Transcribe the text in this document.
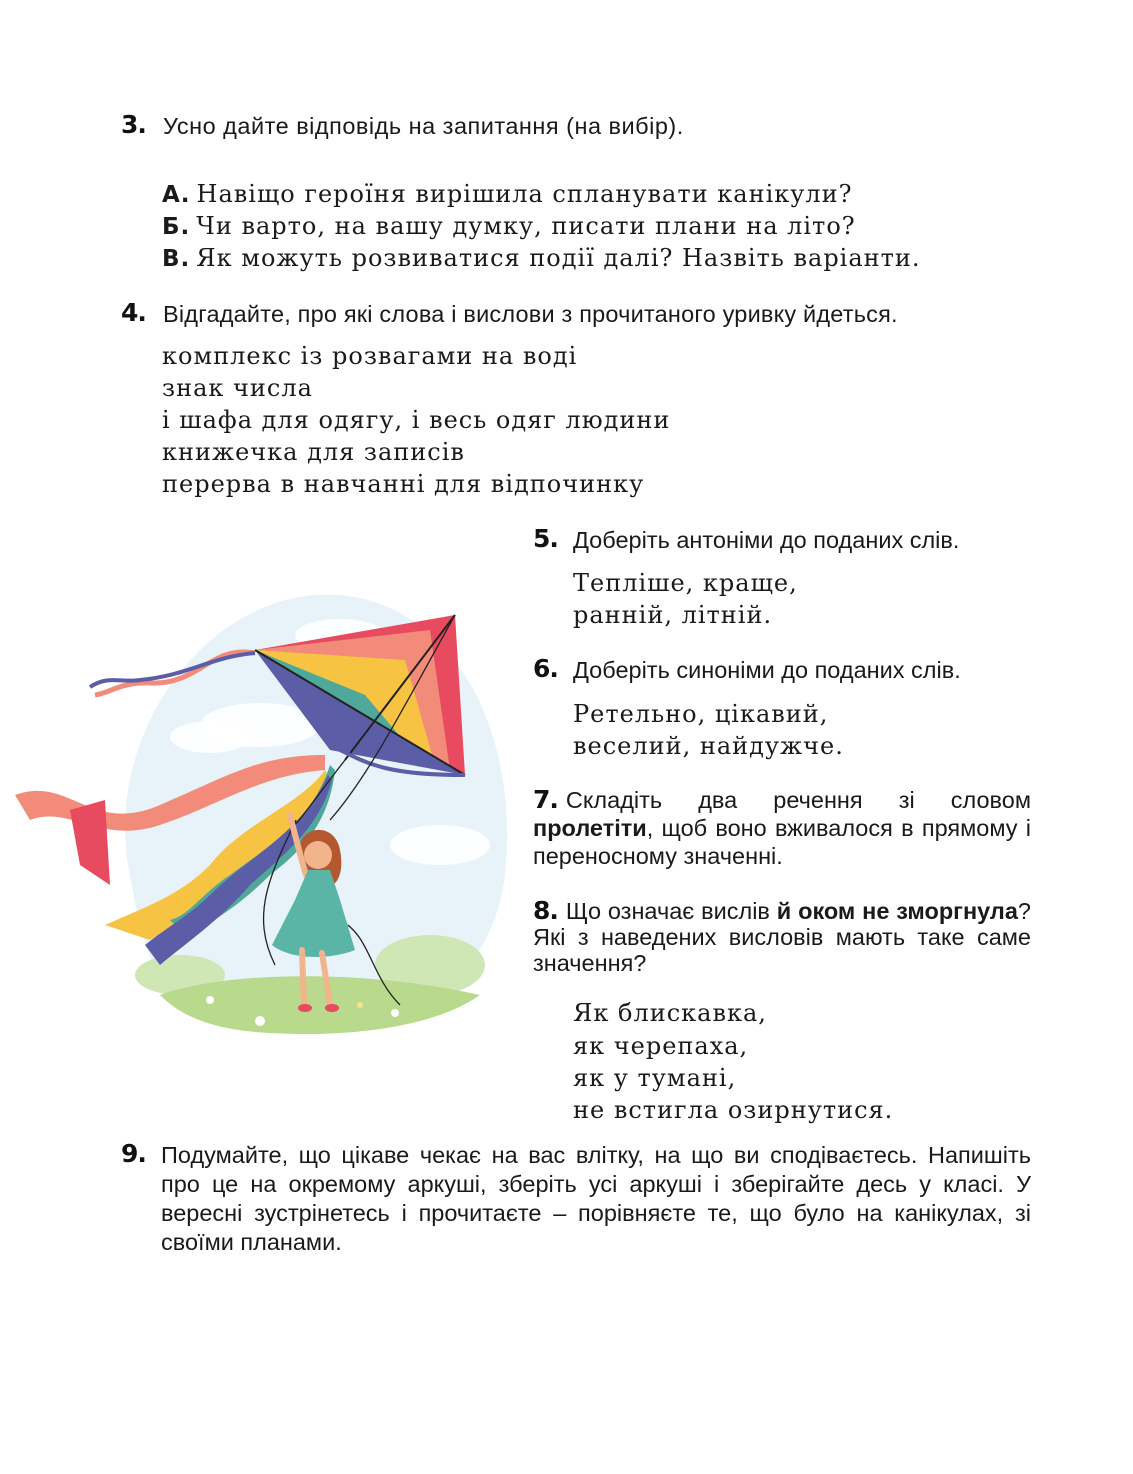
3. Усно дайте відповідь на запитання (на вибір).
А. Навіщо героїня вирішила спланувати канікули?
Б. Чи варто, на вашу думку, писати плани на літо?
В. Як можуть розвиватися події далі? Назвіть варіанти.
4. Відгадайте, про які слова і вислови з прочитаного уривку йдеться.
комплекс із розвагами на воді
знак числа
і шафа для одягу, і весь одяг людини
книжечка для записів
перерва в навчанні для відпочинку
5. Доберіть антоніми до поданих слів.
Тепліше, краще,
ранній, літній.
6. Доберіть синоніми до поданих слів.
Ретельно, цікавий,
веселий, найдужче.
7. Складіть два речення зі словом пролетіти, щоб воно вживалося в прямому і переносному значенні.
8. Що означає вислів й оком не зморгнула? Які з наведених висловів мають таке саме значення?
Як блискавка,
як черепаха,
як у тумані,
не встигла озирнутися.
9. Подумайте, що цікаве чекає на вас влітку, на що ви сподіваєтесь. Напишіть про це на окремому аркуші, зберіть усі аркуші і зберігайте десь у класі. У вересні зустрінетесь і прочитаєте – порівняєте те, що було на канікулах, зі своїми планами.
